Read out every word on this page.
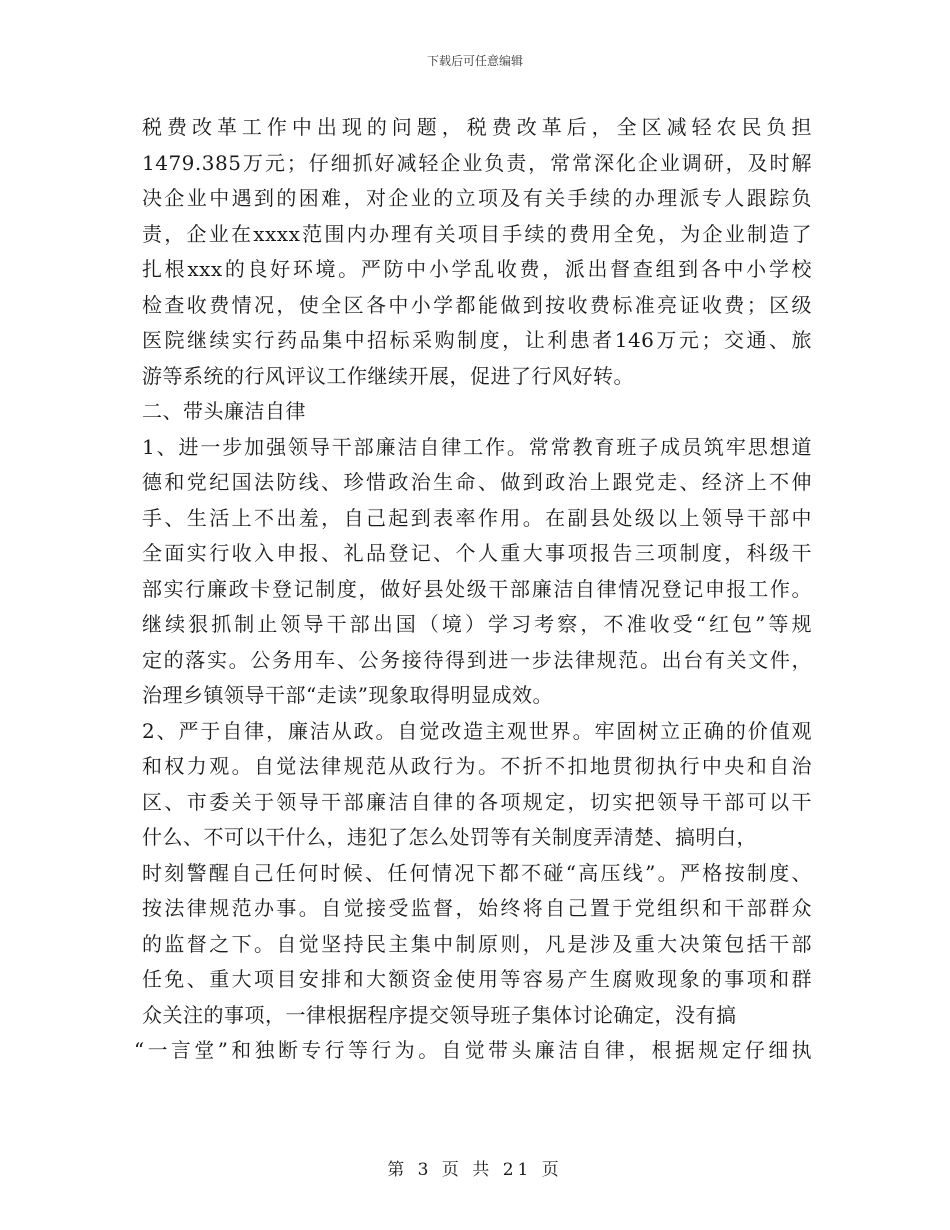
下载后可任意编辑
税费改革工作中出现的问题，税费改革后，全区减轻农民负担
1479.385万元；仔细抓好减轻企业负责，常常深化企业调研，及时解
决企业中遇到的困难，对企业的立项及有关手续的办理派专人跟踪负
责，企业在xxxx范围内办理有关项目手续的费用全免，为企业制造了
扎根xxx的良好环境。严防中小学乱收费，派出督查组到各中小学校
检查收费情况，使全区各中小学都能做到按收费标准亮证收费；区级
医院继续实行药品集中招标采购制度，让利患者146万元；交通、旅
游等系统的行风评议工作继续开展，促进了行风好转。
二、带头廉洁自律
1、进一步加强领导干部廉洁自律工作。常常教育班子成员筑牢思想道
德和党纪国法防线、珍惜政治生命、做到政治上跟党走、经济上不伸
手、生活上不出羞，自己起到表率作用。在副县处级以上领导干部中
全面实行收入申报、礼品登记、个人重大事项报告三项制度，科级干
部实行廉政卡登记制度，做好县处级干部廉洁自律情况登记申报工作。
继续狠抓制止领导干部出国（境）学习考察，不准收受“红包”等规
定的落实。公务用车、公务接待得到进一步法律规范。出台有关文件，
治理乡镇领导干部“走读”现象取得明显成效。
2、严于自律，廉洁从政。自觉改造主观世界。牢固树立正确的价值观
和权力观。自觉法律规范从政行为。不折不扣地贯彻执行中央和自治
区、市委关于领导干部廉洁自律的各项规定，切实把领导干部可以干
什么、不可以干什么，违犯了怎么处罚等有关制度弄清楚、搞明白，
时刻警醒自己任何时候、任何情况下都不碰“高压线”。严格按制度、
按法律规范办事。自觉接受监督，始终将自己置于党组织和干部群众
的监督之下。自觉坚持民主集中制原则，凡是涉及重大决策包括干部
任免、重大项目安排和大额资金使用等容易产生腐败现象的事项和群
众关注的事项，一律根据程序提交领导班子集体讨论确定，没有搞
“一言堂”和独断专行等行为。自觉带头廉洁自律，根据规定仔细执
第 3 页 共 21 页
